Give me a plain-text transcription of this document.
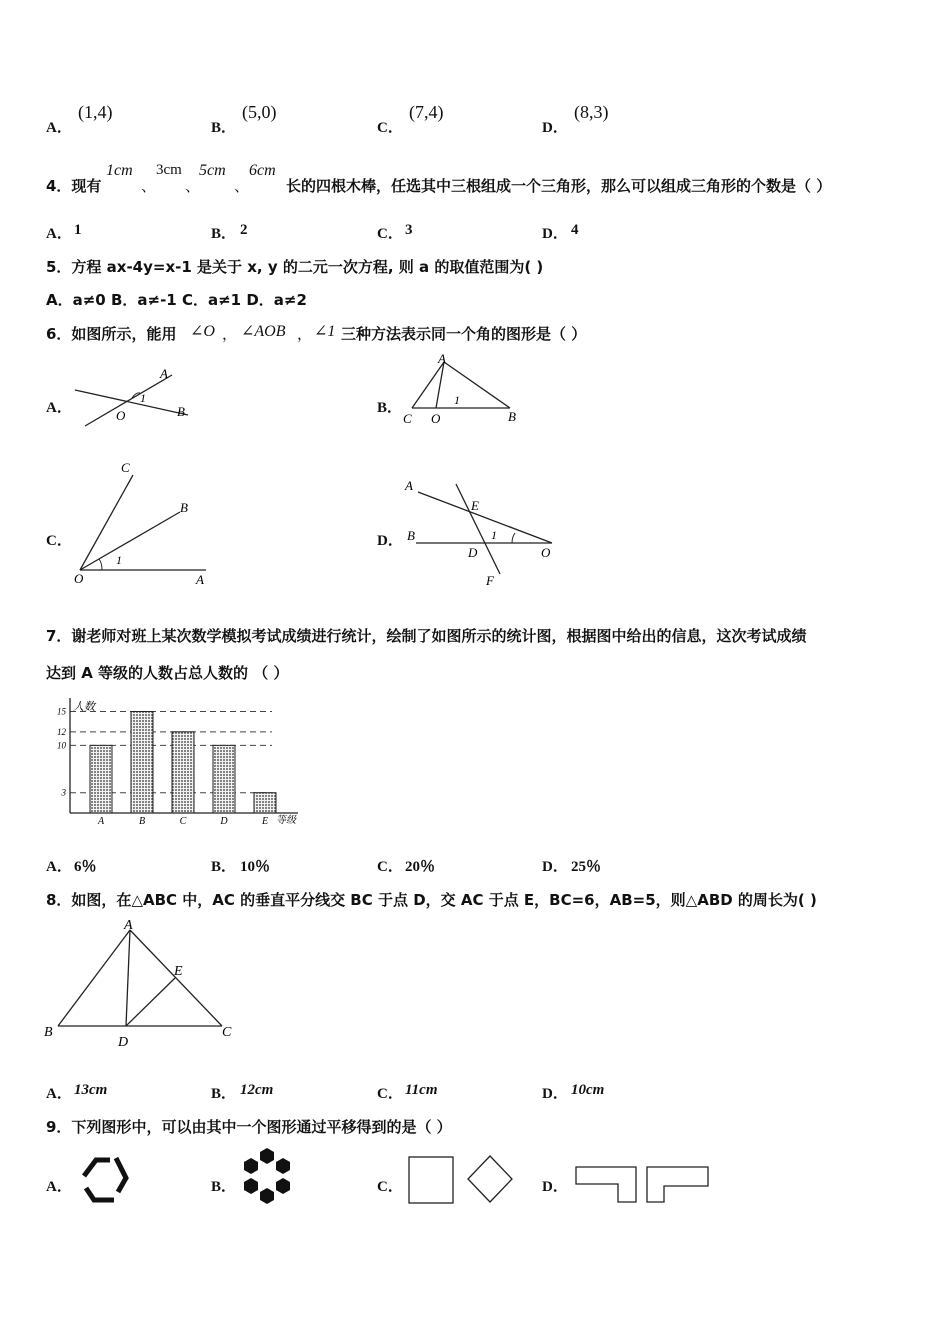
A．
(1,4)
B．
(5,0)
C．
(7,4)
D．
(8,3)
4．现有
1cm
、
3cm
、
5cm
、
6cm
长的四根木棒，任选其中三根组成一个三角形，那么可以组成三角形的个数是（ ）
A． 1	B． 2	C． 3	D． 4
5．方程 ax-4y=x-1 是关于 x, y 的二元一次方程, 则 a 的取值范围为( )
A．a≠0 B．a≠-1 C．a≠1 D．a≠2
6．如图所示，能用 ∠O ， ∠AOB ， ∠1 三种方法表示同一个角的图形是（ ）
A．
A
O	B
1
B．
A
C O	B
1
C．
C
B
O	A
1
D．
A
E
B
D	O
F
1
7．谢老师对班上某次数学模拟考试成绩进行统计，绘制了如图所示的统计图，根据图中给出的信息，这次考试成绩
达到 A 等级的人数占总人数的 （ ）
人数
等级
3
10
12
15
A	B	C	D	E
A． 6％	B． 10％	C． 20％	D． 25％
8．如图，在△ABC 中，AC 的垂直平分线交 BC 于点 D，交 AC 于点 E，BC=6，AB=5，则△ABD 的周长为( )
A
E
B
D
C
A． 13cm	B． 12cm	C． 11cm	D． 10cm
9．下列图形中，可以由其中一个图形通过平移得到的是（ ）
A．	B．	C．	D．
